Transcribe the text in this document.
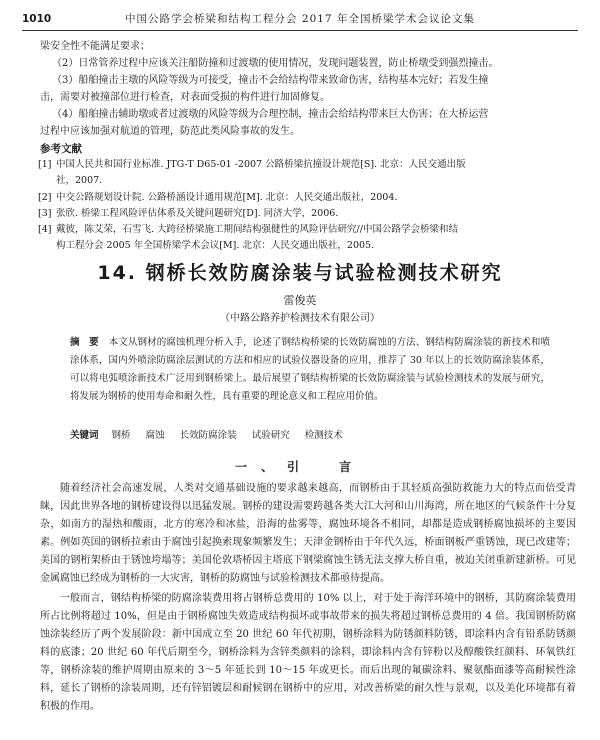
1010	中国公路学会桥梁和结构工程分会 2017 年全国桥梁学术会议论文集
梁安全性不能满足要求；
（2）日常管养过程中应该关注船防撞和过渡墩的使用情况，发现问题装置，防止桥墩受到强烈撞击。
（3）船舶撞击主墩的风险等级为可接受，撞击不会给结构带来致命伤害，结构基本完好；若发生撞
击，需要对被撞部位进行检查，对表面受损的构件进行加固修复。
（4）船舶撞击辅助墩或者过渡墩的风险等级为合理控制，撞击会给结构带来巨大伤害；在大桥运营
过程中应该加强对航道的管理，防范此类风险事故的发生。
参考文献
[1] 中国人民共和国行业标准. JTG-T D65-01 -2007 公路桥梁抗撞设计规范[S]. 北京：人民交通出版
社，2007.
[2] 中交公路规划设计院. 公路桥涵设计通用规范[M]. 北京：人民交通出版社，2004.
[3] 张欣. 桥梁工程风险评估体系及关键问题研究[D]. 同济大学，2006.
[4] 戴彼，陈艾荣，石雪飞. 大跨径桥梁施工期间结构强健性的风险评估研究//中国公路学会桥梁和结
构工程分会 2005 年全国桥梁学术会议[M]. 北京：人民交通出版社，2005.
14. 钢桥长效防腐涂装与试验检测技术研究
雷俊英
（中路公路养护检测技术有限公司）
摘　要 本文从钢材的腐蚀机理分析入手，论述了钢结构桥梁的长效防腐蚀的方法、钢结构防腐涂装的新技术和喷涂体系，国内外喷涂防腐涂层测试的方法和相应的试验仪器设备的应用，推荐了 30 年以上的长效防腐涂装体系，可以将电弧喷涂新技术广泛用到钢桥梁上。最后展望了钢结构桥梁的长效防腐涂装与试验检测技术的发展与研究，将发展为钢桥的使用寿命和耐久性，具有重要的理论意义和工程应用价值。
关键词 钢桥 腐蚀 长效防腐涂装 试验研究 检测技术
一、引　言
随着经济社会高速发展，人类对交通基础设施的要求越来越高，而钢桥由于其轻质高强防救能力大的特点而倍受青睐，因此世界各地的钢桥建设得以迅猛发展。钢桥的建设需要跨越各类大江大河和山川海湾，所在地区的气候条件十分复杂，如南方的湿热和酸雨，北方的寒冷和冰盐，沿海的盐雾等，腐蚀环境各不相同，却都是造成钢桥腐蚀损坏的主要因素。例如英国的钢桥拉索由于腐蚀引起换索现象频繁发生；天津金钢桥由于年代久远，桥面钢板严重锈蚀，现已改建等；美国的钢桁架桥由于锈蚀垮塌等；美国伦敦塔桥因主塔底下钢梁腐蚀生锈无法支撑大桥自重，被迫关闭重新建新桥。可见金属腐蚀已经成为钢桥的一大灾害，钢桥的防腐蚀与试验检测技术都亟待提高。
一般而言，钢结构桥梁的防腐涂装费用将占钢桥总费用的 10% 以上，对于处于海洋环境中的钢桥，其防腐涂装费用所占比例将超过 10%，但是由于钢桥腐蚀失效造成结构损坏或事故带来的损失将超过钢桥总费用的 4 倍。我国钢桥防腐蚀涂装经历了两个发展阶段：新中国成立至 20 世纪 60 年代初期，钢桥涂料为防锈颜料防锈，即涂料内含有铅系防锈颜料的底漆；20 世纪 60 年代后期至今，钢桥涂料为含锌类颜料的涂料，即涂料内含有锌粉以及醇酸铁红颜料、环氧铁红等，钢桥涂装的维护周期由原来的 3～5 年延长到 10～15 年或更长。而后出现的氟碳涂料、聚氨酯面漆等高耐候性涂料，延长了钢桥的涂装周期，还有锌铝镀层和耐候钢在钢桥中的应用，对改善桥梁的耐久性与景观，以及美化环境都有着积极的作用。
